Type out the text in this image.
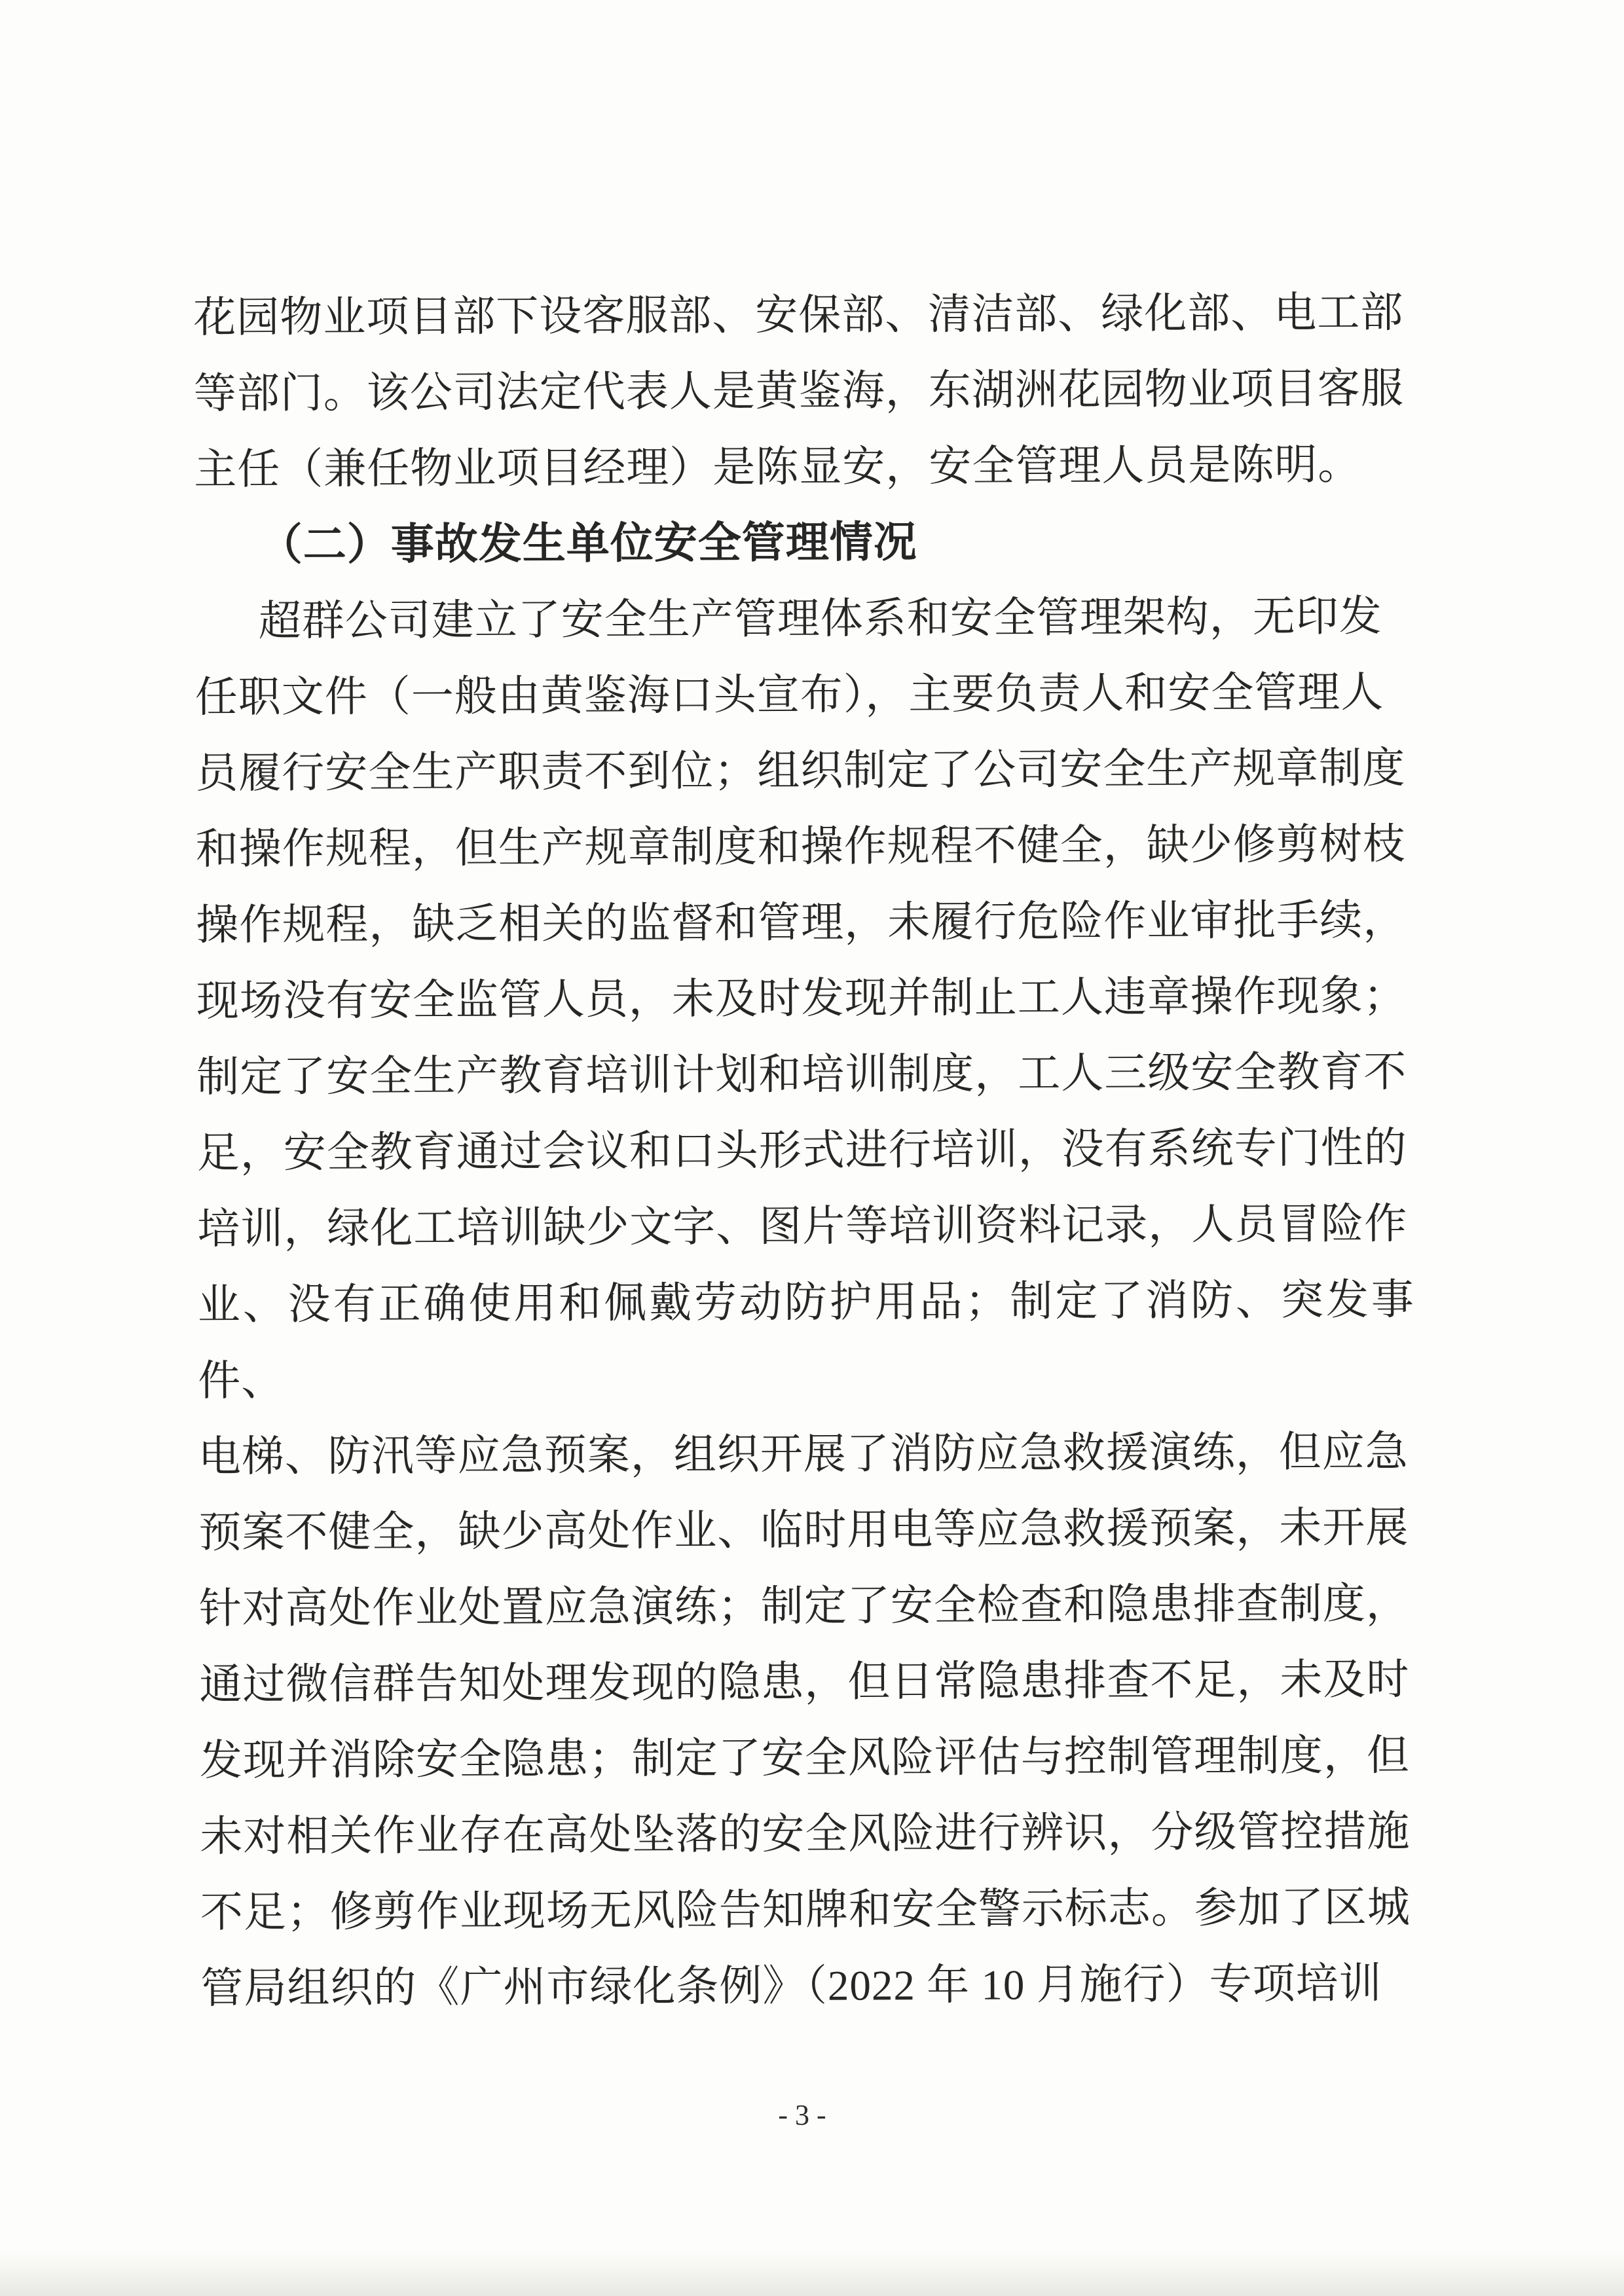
花园物业项目部下设客服部、安保部、清洁部、绿化部、电工部
等部门。该公司法定代表人是黄鉴海，东湖洲花园物业项目客服
主任（兼任物业项目经理）是陈显安，安全管理人员是陈明。

（二）事故发生单位安全管理情况

超群公司建立了安全生产管理体系和安全管理架构，无印发
任职文件（一般由黄鉴海口头宣布），主要负责人和安全管理人
员履行安全生产职责不到位；组织制定了公司安全生产规章制度
和操作规程，但生产规章制度和操作规程不健全，缺少修剪树枝
操作规程，缺乏相关的监督和管理，未履行危险作业审批手续，
现场没有安全监管人员，未及时发现并制止工人违章操作现象；
制定了安全生产教育培训计划和培训制度，工人三级安全教育不
足，安全教育通过会议和口头形式进行培训，没有系统专门性的
培训，绿化工培训缺少文字、图片等培训资料记录，人员冒险作
业、没有正确使用和佩戴劳动防护用品；制定了消防、突发事件、
电梯、防汛等应急预案，组织开展了消防应急救援演练，但应急
预案不健全，缺少高处作业、临时用电等应急救援预案，未开展
针对高处作业处置应急演练；制定了安全检查和隐患排查制度，
通过微信群告知处理发现的隐患，但日常隐患排查不足，未及时
发现并消除安全隐患；制定了安全风险评估与控制管理制度，但
未对相关作业存在高处坠落的安全风险进行辨识，分级管控措施
不足；修剪作业现场无风险告知牌和安全警示标志。参加了区城
管局组织的《广州市绿化条例》（2022 年 10 月施行）专项培训

- 3 -
